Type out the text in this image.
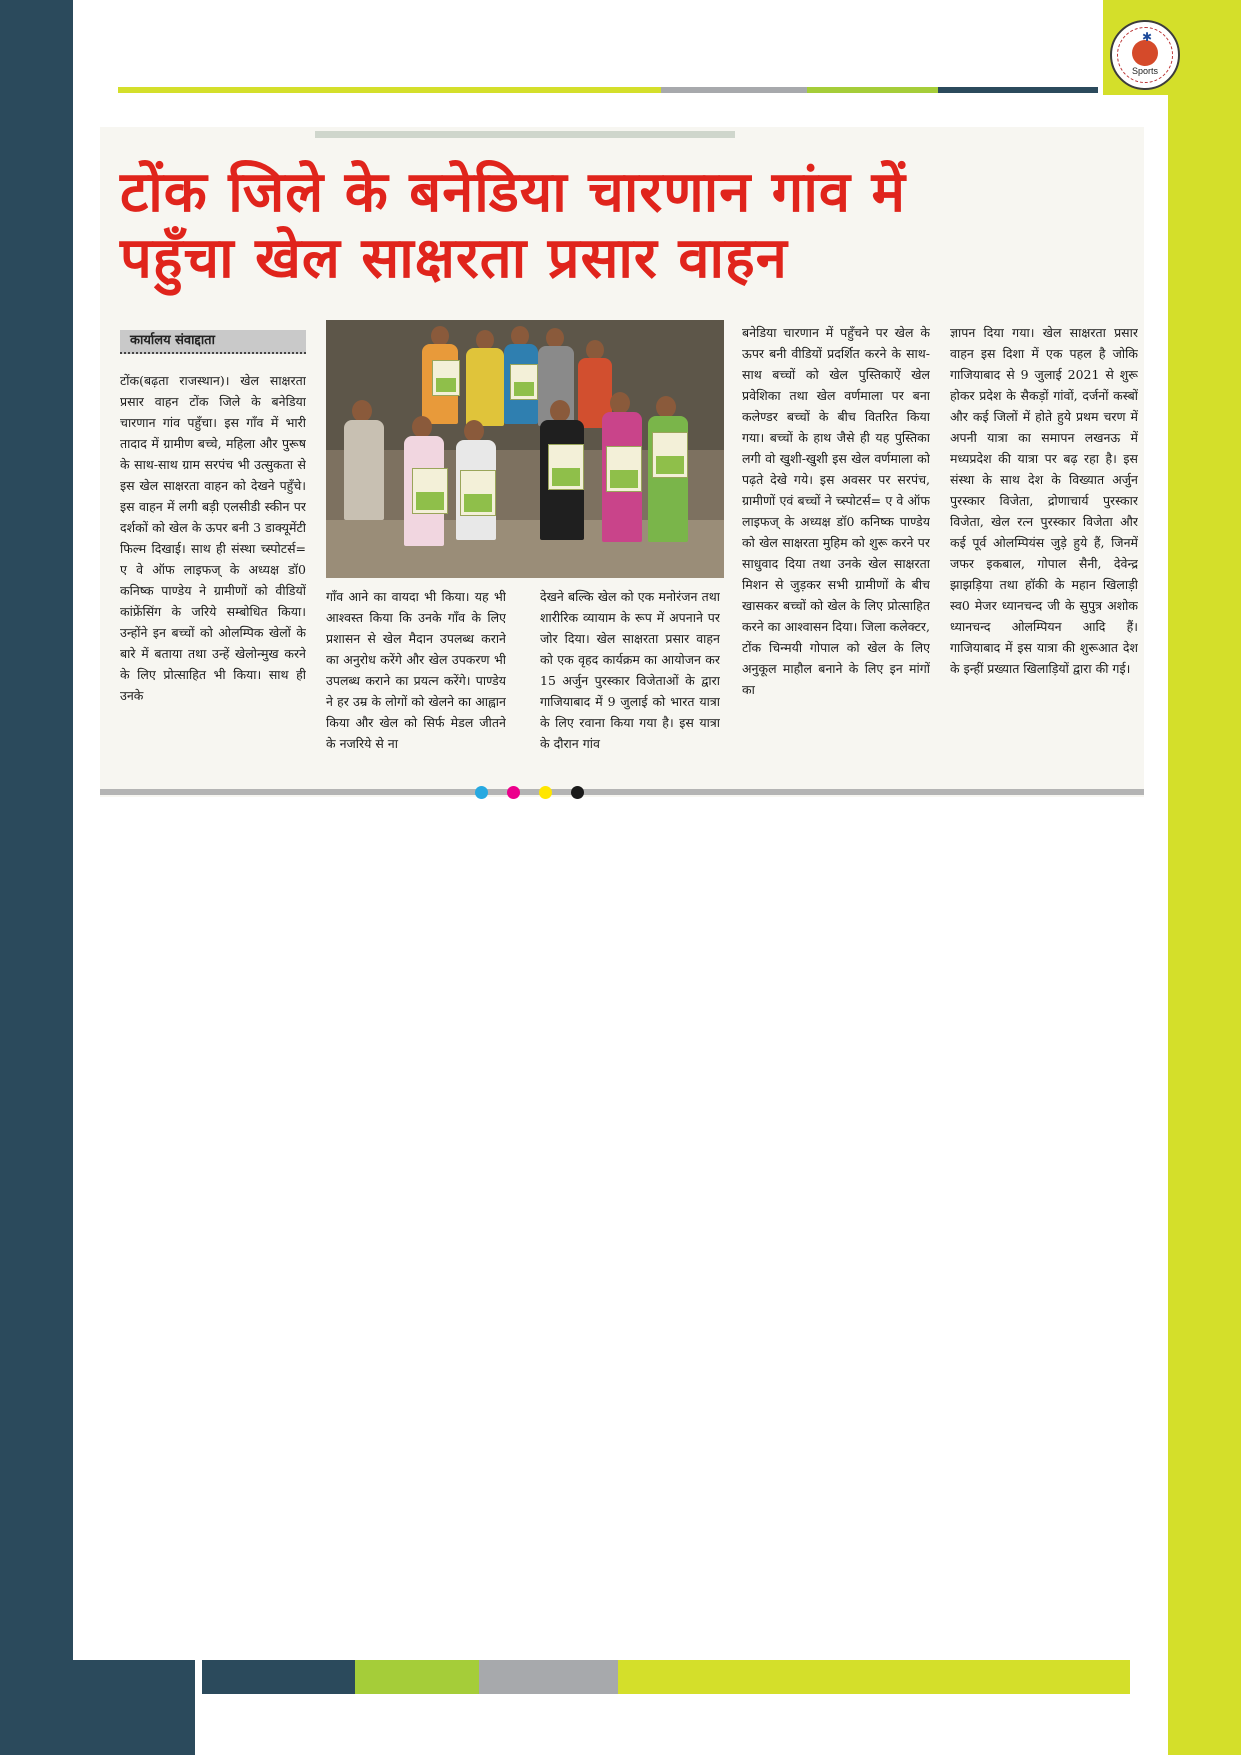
✱
Sports
टोंक जिले के बनेडिया चारणान गांव में पहुँचा खेल साक्षरता प्रसार वाहन
कार्यालय संवाद्दाता

टोंक(बढ़ता राजस्थान)। खेल साक्षरता प्रसार वाहन टोंक जिले के बनेडिया चारणान गांव पहुँचा। इस गाँव में भारी तादाद में ग्रामीण बच्चे, महिला और पुरूष के साथ-साथ ग्राम सरपंच भी उत्सुकता से इस खेल साक्षरता वाहन को देखने पहुँचे। इस वाहन में लगी बड़ी एलसीडी स्कीन पर दर्शकों को खेल के ऊपर बनी 3 डाक्यूमेंटी फिल्म दिखाई। साथ ही संस्था च्स्पोटर्स= ए वे ऑफ लाइफज् के अध्यक्ष डॉ0 कनिष्क पाण्डेय ने ग्रामीणों को वीडियों कांफ्रेंसिंग के जरिये सम्बोधित किया। उन्होंने इन बच्चों को ओलम्पिक खेलों के बारे में बताया तथा उन्हें खेलोन्मुख करने के लिए प्रोत्साहित भी किया। साथ ही उनके

गाँव आने का वायदा भी किया। यह भी आश्वस्त किया कि उनके गाँव के लिए प्रशासन से खेल मैदान उपलब्ध कराने का अनुरोध करेंगे और खेल उपकरण भी उपलब्ध कराने का प्रयत्न करेंगे। पाण्डेय ने हर उम्र के लोगों को खेलने का आह्वान किया और खेल को सिर्फ मेडल जीतने के नजरिये से ना

देखने बल्कि खेल को एक मनोरंजन तथा शारीरिक व्यायाम के रूप में अपनाने पर जोर दिया। खेल साक्षरता प्रसार वाहन को एक वृहद कार्यक्रम का आयोजन कर 15 अर्जुन पुरस्कार विजेताओं के द्वारा गाजियाबाद में 9 जुलाई को भारत यात्रा के लिए रवाना किया गया है। इस यात्रा के दौरान गांव

बनेडिया चारणान में पहुँचने पर खेल के ऊपर बनी वीडियों प्रदर्शित करने के साथ-साथ बच्चों को खेल पुस्तिकाऐं खेल प्रवेशिका तथा खेल वर्णमाला पर बना कलेण्डर बच्चों के बीच वितरित किया गया। बच्चों के हाथ जैसे ही यह पुस्तिका लगी वो खुशी-खुशी इस खेल वर्णमाला को पढ़ते देखे गये। इस अवसर पर सरपंच, ग्रामीणों एवं बच्चों ने च्स्पोटर्स= ए वे ऑफ लाइफज् के अध्यक्ष डॉ0 कनिष्क पाण्डेय को खेल साक्षरता मुहिम को शुरू करने पर साधुवाद दिया तथा उनके खेल साक्षरता मिशन से जुड़कर सभी ग्रामीणों के बीच खासकर बच्चों को खेल के लिए प्रोत्साहित करने का आश्वासन दिया। जिला कलेक्टर, टोंक चिन्मयी गोपाल को खेल के लिए अनुकूल माहौल बनाने के लिए इन मांगों का

ज्ञापन दिया गया। खेल साक्षरता प्रसार वाहन इस दिशा में एक पहल है जोकि गाजियाबाद से 9 जुलाई 2021 से शुरू होकर प्रदेश के सैकड़ों गांवों, दर्जनों कस्बों और कई जिलों में होते हुये प्रथम चरण में अपनी यात्रा का समापन लखनऊ में मध्यप्रदेश की यात्रा पर बढ़ रहा है। इस संस्था के साथ देश के विख्यात अर्जुन पुरस्कार विजेता, द्रोणाचार्य पुरस्कार विजेता, खेल रत्न पुरस्कार विजेता और कई पूर्व ओलम्पियंस जुड़े हुये हैं, जिनमें जफर इकबाल, गोपाल सैनी, देवेन्द्र झाझड़िया तथा हॉकी के महान खिलाड़ी स्व0 मेजर ध्यानचन्द जी के सुपुत्र अशोक ध्यानचन्द ओलम्पियन आदि हैं। गाजियाबाद में इस यात्रा की शुरूआत देश के इन्हीं प्रख्यात खिलाड़ियों द्वारा की गई।
